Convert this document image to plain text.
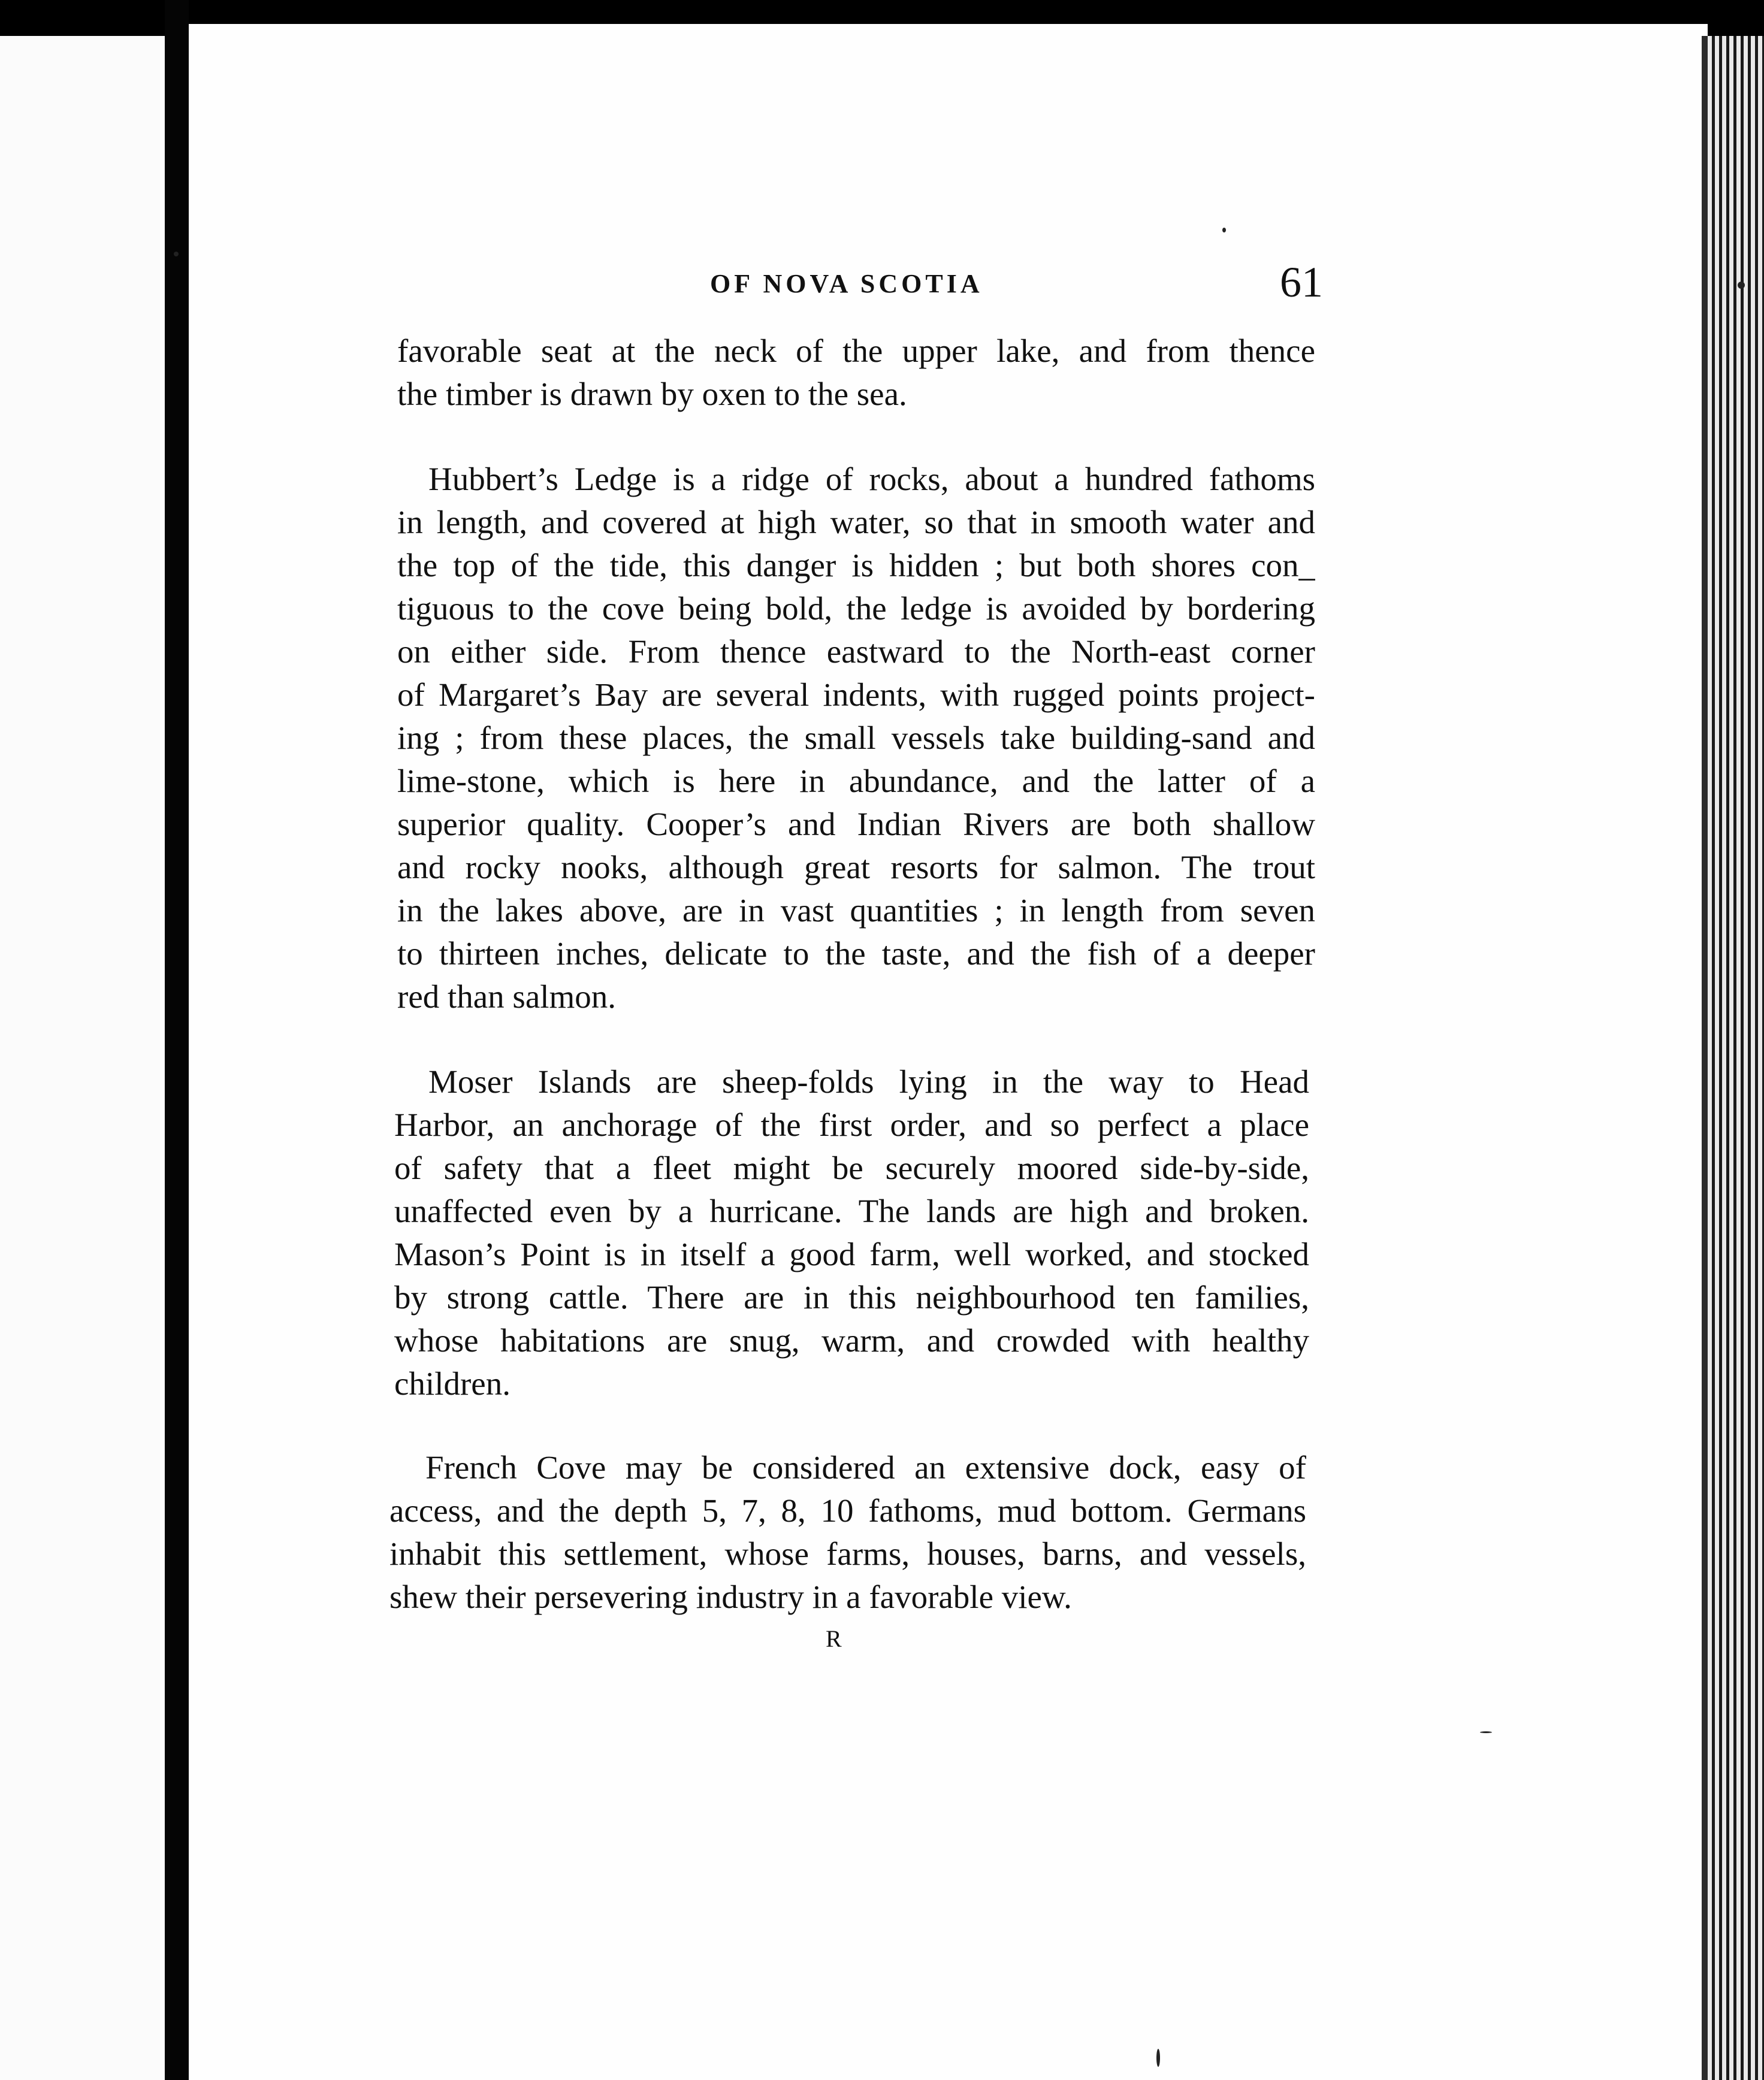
OF NOVA SCOTIA	61
favorable seat at the neck of the upper lake, and from thence
the timber is drawn by oxen to the sea.
Hubbert’s Ledge is a ridge of rocks, about a hundred fathoms
in length, and covered at high water, so that in smooth water and
the top of the tide, this danger is hidden ; but both shores con_
tiguous to the cove being bold, the ledge is avoided by bordering
on either side. From thence eastward to the North-east corner
of Margaret’s Bay are several indents, with rugged points project-
ing ; from these places, the small vessels take building-sand and
lime-stone, which is here in abundance, and the latter of a
superior quality. Cooper’s and Indian Rivers are both shallow
and rocky nooks, although great resorts for salmon. The trout
in the lakes above, are in vast quantities ; in length from seven
to thirteen inches, delicate to the taste, and the fish of a deeper
red than salmon.
Moser Islands are sheep-folds lying in the way to Head
Harbor, an anchorage of the first order, and so perfect a place
of safety that a fleet might be securely moored side-by-side,
unaffected even by a hurricane. The lands are high and broken.
Mason’s Point is in itself a good farm, well worked, and stocked
by strong cattle. There are in this neighbourhood ten families,
whose habitations are snug, warm, and crowded with healthy
children.
French Cove may be considered an extensive dock, easy of
access, and the depth 5, 7, 8, 10 fathoms, mud bottom. Germans
inhabit this settlement, whose farms, houses, barns, and vessels,
shew their persevering industry in a favorable view.
R
